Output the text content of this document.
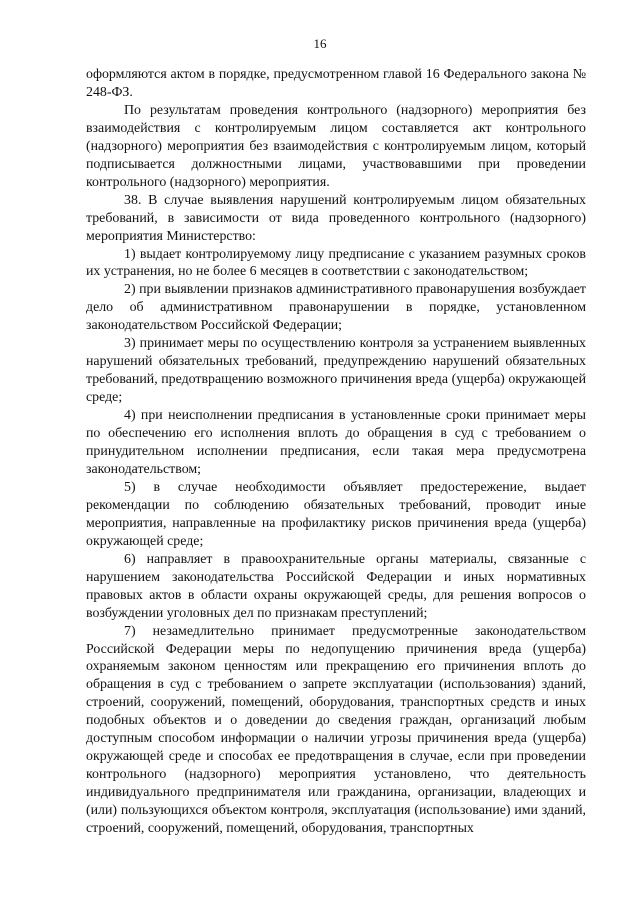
16

оформляются актом в порядке, предусмотренном главой 16 Федерального закона № 248-ФЗ.

По результатам проведения контрольного (надзорного) мероприятия без взаимодействия с контролируемым лицом составляется акт контрольного (надзорного) мероприятия без взаимодействия с контролируемым лицом, который подписывается должностными лицами, участвовавшими при проведении контрольного (надзорного) мероприятия.

38. В случае выявления нарушений контролируемым лицом обязательных требований, в зависимости от вида проведенного контрольного (надзорного) мероприятия Министерство:

1) выдает контролируемому лицу предписание с указанием разумных сроков их устранения, но не более 6 месяцев в соответствии с законодательством;

2) при выявлении признаков административного правонарушения возбуждает дело об административном правонарушении в порядке, установленном законодательством Российской Федерации;

3) принимает меры по осуществлению контроля за устранением выявленных нарушений обязательных требований, предупреждению нарушений обязательных требований, предотвращению возможного причинения вреда (ущерба) окружающей среде;

4) при неисполнении предписания в установленные сроки принимает меры по обеспечению его исполнения вплоть до обращения в суд с требованием о принудительном исполнении предписания, если такая мера предусмотрена законодательством;

5) в случае необходимости объявляет предостережение, выдает рекомендации по соблюдению обязательных требований, проводит иные мероприятия, направленные на профилактику рисков причинения вреда (ущерба) окружающей среде;

6) направляет в правоохранительные органы материалы, связанные с нарушением законодательства Российской Федерации и иных нормативных правовых актов в области охраны окружающей среды, для решения вопросов о возбуждении уголовных дел по признакам преступлений;

7) незамедлительно принимает предусмотренные законодательством Российской Федерации меры по недопущению причинения вреда (ущерба) охраняемым законом ценностям или прекращению его причинения вплоть до обращения в суд с требованием о запрете эксплуатации (использования) зданий, строений, сооружений, помещений, оборудования, транспортных средств и иных подобных объектов и о доведении до сведения граждан, организаций любым доступным способом информации о наличии угрозы причинения вреда (ущерба) окружающей среде и способах ее предотвращения в случае, если при проведении контрольного (надзорного) мероприятия установлено, что деятельность индивидуального предпринимателя или гражданина, организации, владеющих и (или) пользующихся объектом контроля, эксплуатация (использование) ими зданий, строений, сооружений, помещений, оборудования, транспортных
